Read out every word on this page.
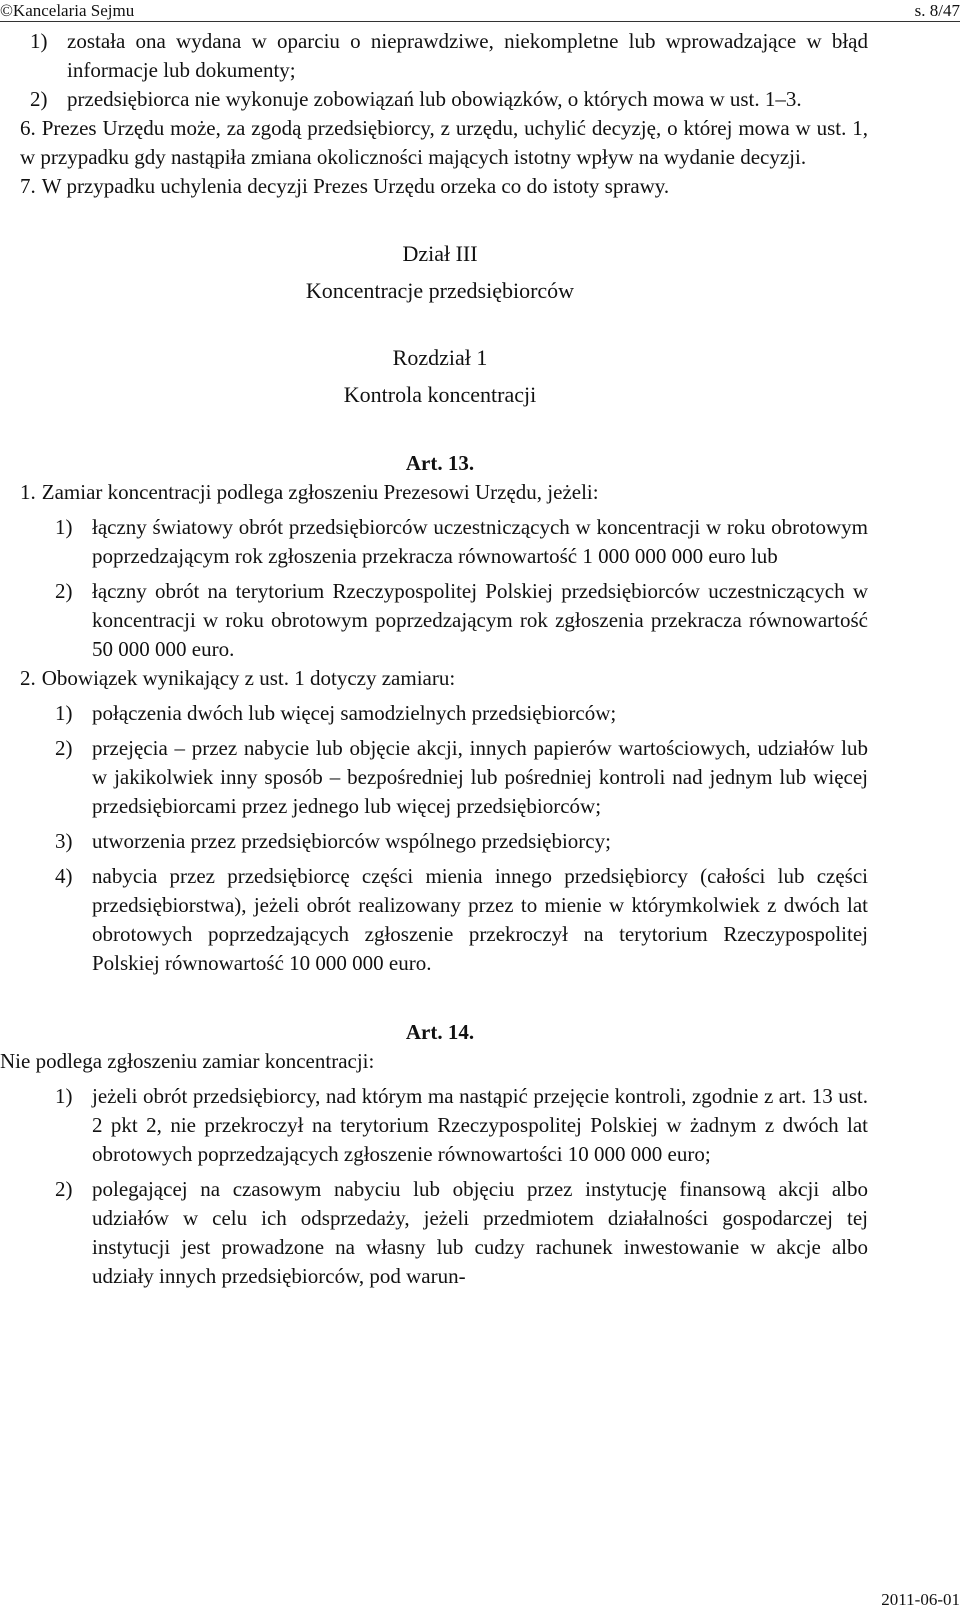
©Kancelaria Sejmu	s. 8/47
1) została ona wydana w oparciu o nieprawdziwe, niekompletne lub wprowadzające w błąd informacje lub dokumenty;
2) przedsiębiorca nie wykonuje zobowiązań lub obowiązków, o których mowa w ust. 1–3.
6. Prezes Urzędu może, za zgodą przedsiębiorcy, z urzędu, uchylić decyzję, o której mowa w ust. 1, w przypadku gdy nastąpiła zmiana okoliczności mających istotny wpływ na wydanie decyzji.
7. W przypadku uchylenia decyzji Prezes Urzędu orzeka co do istoty sprawy.

Dział III

Koncentracje przedsiębiorców

Rozdział 1

Kontrola koncentracji

Art. 13.

1. Zamiar koncentracji podlega zgłoszeniu Prezesowi Urzędu, jeżeli:
1) łączny światowy obrót przedsiębiorców uczestniczących w koncentracji w roku obrotowym poprzedzającym rok zgłoszenia przekracza równowartość 1 000 000 000 euro lub
2) łączny obrót na terytorium Rzeczypospolitej Polskiej przedsiębiorców uczestniczących w koncentracji w roku obrotowym poprzedzającym rok zgłoszenia przekracza równowartość 50 000 000 euro.
2. Obowiązek wynikający z ust. 1 dotyczy zamiaru:
1) połączenia dwóch lub więcej samodzielnych przedsiębiorców;
2) przejęcia – przez nabycie lub objęcie akcji, innych papierów wartościowych, udziałów lub w jakikolwiek inny sposób – bezpośredniej lub pośredniej kontroli nad jednym lub więcej przedsiębiorcami przez jednego lub więcej przedsiębiorców;
3) utworzenia przez przedsiębiorców wspólnego przedsiębiorcy;
4) nabycia przez przedsiębiorcę części mienia innego przedsiębiorcy (całości lub części przedsiębiorstwa), jeżeli obrót realizowany przez to mienie w którymkolwiek z dwóch lat obrotowych poprzedzających zgłoszenie przekroczył na terytorium Rzeczypospolitej Polskiej równowartość 10 000 000 euro.

Art. 14.

Nie podlega zgłoszeniu zamiar koncentracji:

1) jeżeli obrót przedsiębiorcy, nad którym ma nastąpić przejęcie kontroli, zgodnie z art. 13 ust. 2 pkt 2, nie przekroczył na terytorium Rzeczypospolitej Polskiej w żadnym z dwóch lat obrotowych poprzedzających zgłoszenie równowartości 10 000 000 euro;
2) polegającej na czasowym nabyciu lub objęciu przez instytucję finansową akcji albo udziałów w celu ich odsprzedaży, jeżeli przedmiotem działalności gospodarczej tej instytucji jest prowadzone na własny lub cudzy rachunek inwestowanie w akcje albo udziały innych przedsiębiorców, pod warun-
2011-06-01
